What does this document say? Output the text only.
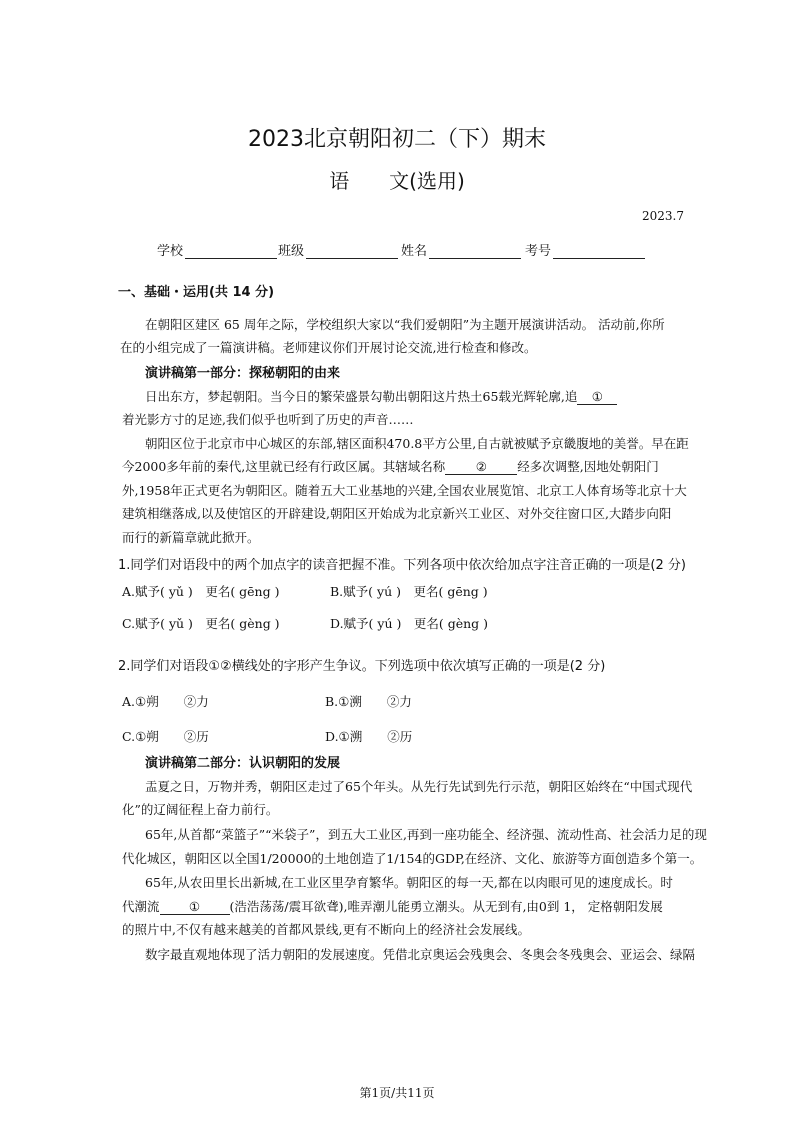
2023北京朝阳初二（下）期末
语　　文(选用)
2023.7
学校	班级	姓名	考号
一、基础・运用(共 14 分)
在朝阳区建区 65 周年之际，学校组织大家以“我们爱朝阳”为主题开展演讲活动。 活动前,你所
在的小组完成了一篇演讲稿。老师建议你们开展讨论交流,进行检查和修改。
演讲稿第一部分：探秘朝阳的由来
日出东方，梦起朝阳。当今日的繁荣盛景勾勒出朝阳这片热土65载光辉轮廓,追 ①
着光影方寸的足迹,我们似乎也听到了历史的声音……
朝阳区位于北京市中心城区的东部,辖区面积470.8平方公里,自古就被赋予京畿腹地的美誉。早在距
今2000多年前的秦代,这里就已经有行政区属。其辖域名称 ② 经多次调整,因地处朝阳门
外,1958年正式更名为朝阳区。随着五大工业基地的兴建,全国农业展览馆、北京工人体育场等北京十大
建筑相继落成,以及使馆区的开辟建设,朝阳区开始成为北京新兴工业区、对外交往窗口区,大踏步向阳
而行的新篇章就此掀开。
1.同学们对语段中的两个加点字的读音把握不准。下列各项中依次给加点字注音正确的一项是(2 分)
A.赋予( yǔ )　更名( gēng )	B.赋予( yú )　更名( gēng )
C.赋予( yǔ )　更名( gèng )	D.赋予( yú )　更名( gèng )
2.同学们对语段①②横线处的字形产生争议。下列选项中依次填写正确的一项是(2 分)
A.①朔　　②力	B.①溯　　②力
C.①朔　　②历	D.①溯　　②历
演讲稿第二部分：认识朝阳的发展
盂夏之日，万物并秀，朝阳区走过了65个年头。从先行先试到先行示范，朝阳区始终在“中国式现代
化”的辽阔征程上奋力前行。
65年,从首都“菜篮子”“米袋子”，到五大工业区,再到一座功能全、经济强、流动性高、社会活力足的现
代化城区，朝阳区以全国1/20000的土地创造了1/154的GDP,在经济、文化、旅游等方面创造多个第一。
65年,从农田里长出新城,在工业区里孕育繁华。朝阳区的每一天,都在以肉眼可见的速度成长。时
代潮流 ① (浩浩荡荡/震耳欲聋),唯弄潮儿能勇立潮头。从无到有,由0到 1， 定格朝阳发展
的照片中,不仅有越来越美的首都风景线,更有不断向上的经济社会发展线。
数字最直观地体现了活力朝阳的发展速度。凭借北京奥运会残奥会、冬奥会冬残奥会、亚运会、绿隔
第1页/共11页
